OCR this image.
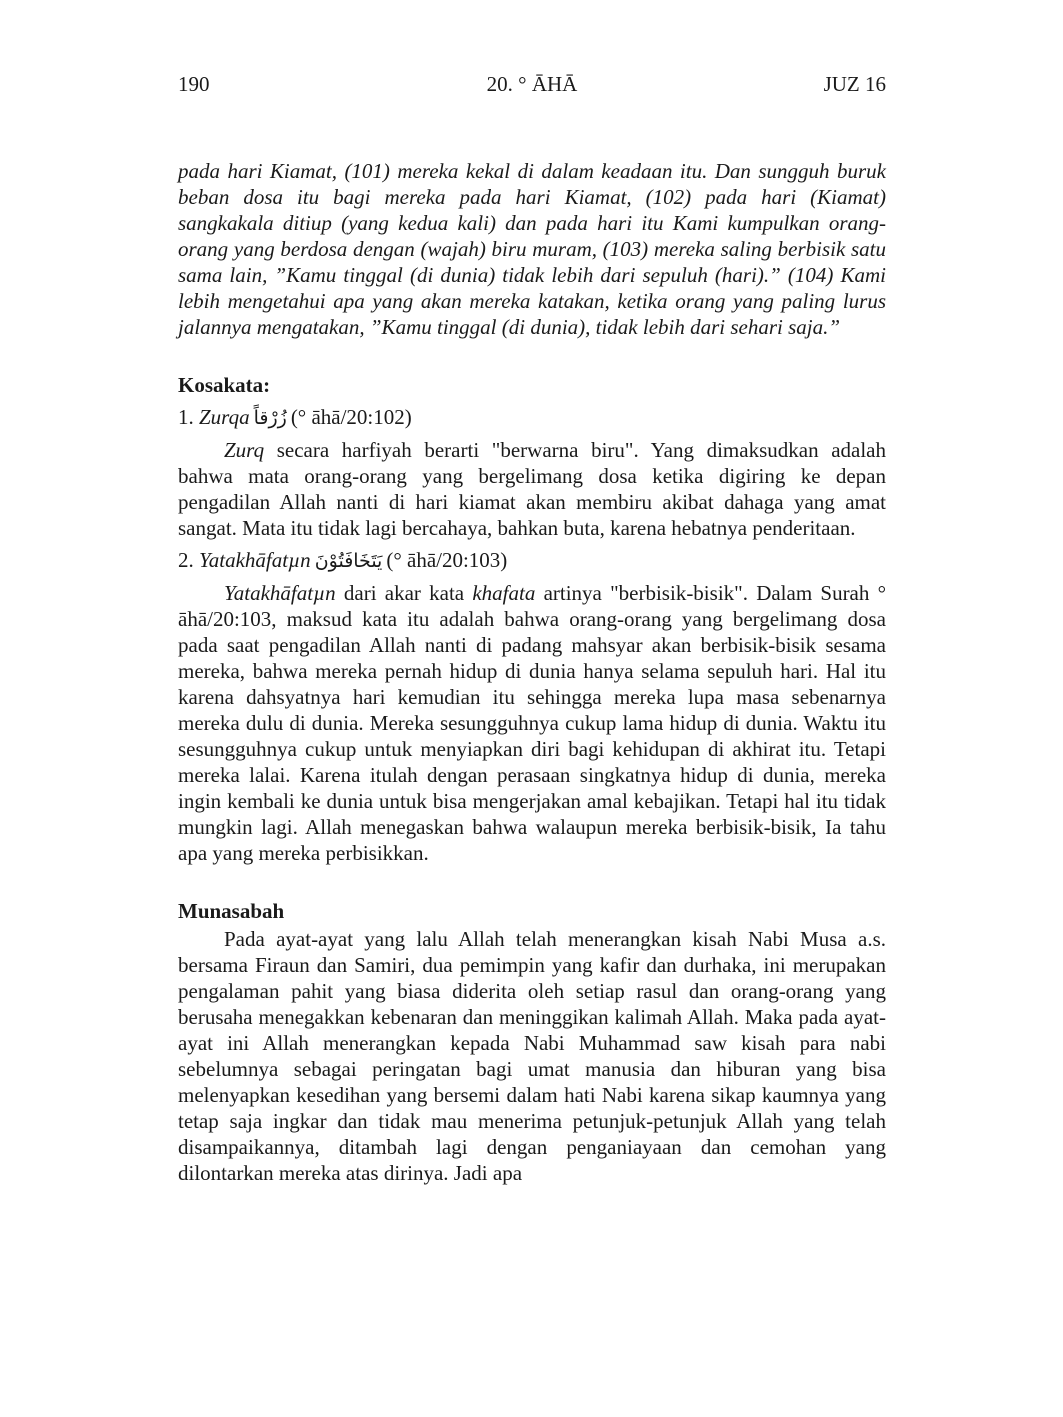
190	20. ° ĀHĀ	JUZ 16

pada hari Kiamat, (101) mereka kekal di dalam keadaan itu. Dan sungguh buruk beban dosa itu bagi mereka pada hari Kiamat, (102) pada hari (Kiamat) sangkakala ditiup (yang kedua kali) dan pada hari itu Kami kumpulkan orang-orang yang berdosa dengan (wajah) biru muram, (103) mereka saling berbisik satu sama lain, ”Kamu tinggal (di dunia) tidak lebih dari sepuluh (hari).” (104) Kami lebih mengetahui apa yang akan mereka katakan, ketika orang yang paling lurus jalannya mengatakan, ”Kamu tinggal (di dunia), tidak lebih dari sehari saja.”

Kosakata:
1. Zurqa زُرْقاً (° āhā/20:102)

Zurq secara harfiyah berarti "berwarna biru". Yang dimaksudkan adalah bahwa mata orang-orang yang bergelimang dosa ketika digiring ke depan pengadilan Allah nanti di hari kiamat akan membiru akibat dahaga yang amat sangat. Mata itu tidak lagi bercahaya, bahkan buta, karena hebatnya penderitaan.

2. Yatakhāfatµn يَتَخَافَتُوْنَ (° āhā/20:103)

Yatakhāfatµn dari akar kata khafata artinya "berbisik-bisik". Dalam Surah ° āhā/20:103, maksud kata itu adalah bahwa orang-orang yang bergelimang dosa pada saat pengadilan Allah nanti di padang mahsyar akan berbisik-bisik sesama mereka, bahwa mereka pernah hidup di dunia hanya selama sepuluh hari. Hal itu karena dahsyatnya hari kemudian itu sehingga mereka lupa masa sebenarnya mereka dulu di dunia. Mereka sesungguhnya cukup lama hidup di dunia. Waktu itu sesungguhnya cukup untuk menyiapkan diri bagi kehidupan di akhirat itu. Tetapi mereka lalai. Karena itulah dengan perasaan singkatnya hidup di dunia, mereka ingin kembali ke dunia untuk bisa mengerjakan amal kebajikan. Tetapi hal itu tidak mungkin lagi. Allah menegaskan bahwa walaupun mereka berbisik-bisik, Ia tahu apa yang mereka perbisikkan.

Munasabah

Pada ayat-ayat yang lalu Allah telah menerangkan kisah Nabi Musa a.s. bersama Firaun dan Samiri, dua pemimpin yang kafir dan durhaka, ini merupakan pengalaman pahit yang biasa diderita oleh setiap rasul dan orang-orang yang berusaha menegakkan kebenaran dan meninggikan kalimah Allah. Maka pada ayat-ayat ini Allah menerangkan kepada Nabi Muhammad saw kisah para nabi sebelumnya sebagai peringatan bagi umat manusia dan hiburan yang bisa melenyapkan kesedihan yang bersemi dalam hati Nabi karena sikap kaumnya yang tetap saja ingkar dan tidak mau menerima petunjuk-petunjuk Allah yang telah disampaikannya, ditambah lagi dengan penganiayaan dan cemohan yang dilontarkan mereka atas dirinya. Jadi apa
